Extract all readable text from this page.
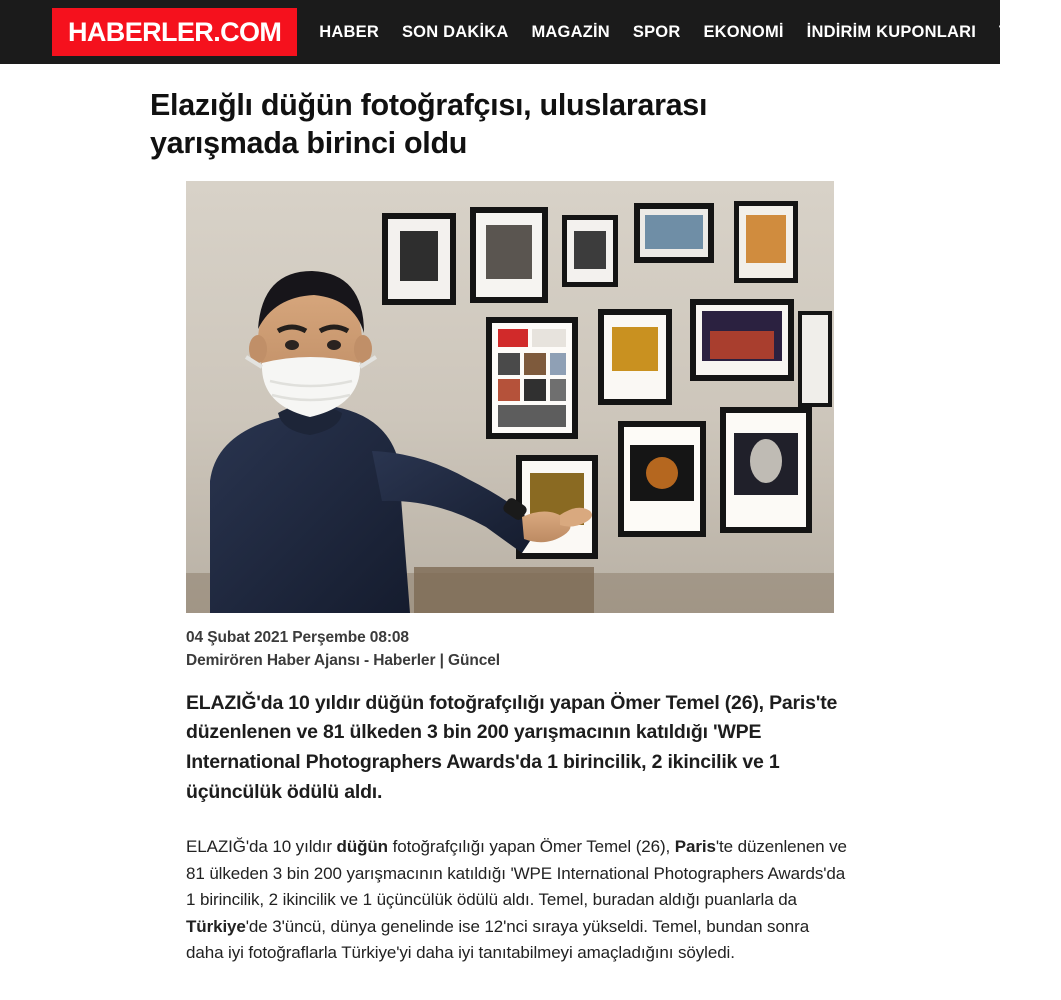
HABERLER.COM HABER SON DAKİKA MAGAZİN SPOR EKONOMİ İNDİRİM KUPONLARI TÜMÜ
Elazığlı düğün fotoğrafçısı, uluslararası yarışmada birinci oldu
04 Şubat 2021 Perşembe 08:08
Demirören Haber Ajansı - Haberler | Güncel

ELAZIĞ'da 10 yıldır düğün fotoğrafçılığı yapan Ömer Temel (26), Paris'te düzenlenen ve 81 ülkeden 3 bin 200 yarışmacının katıldığı 'WPE International Photographers Awards'da 1 birincilik, 2 ikincilik ve 1 üçüncülük ödülü aldı.

ELAZIĞ'da 10 yıldır düğün fotoğrafçılığı yapan Ömer Temel (26), Paris'te düzenlenen ve 81 ülkeden 3 bin 200 yarışmacının katıldığı 'WPE International Photographers Awards'da 1 birincilik, 2 ikincilik ve 1 üçüncülük ödülü aldı. Temel, buradan aldığı puanlarla da Türkiye'de 3'üncü, dünya genelinde ise 12'nci sıraya yükseldi. Temel, bundan sonra daha iyi fotoğraflarla Türkiye'yi daha iyi tanıtabilmeyi amaçladığını söyledi.
